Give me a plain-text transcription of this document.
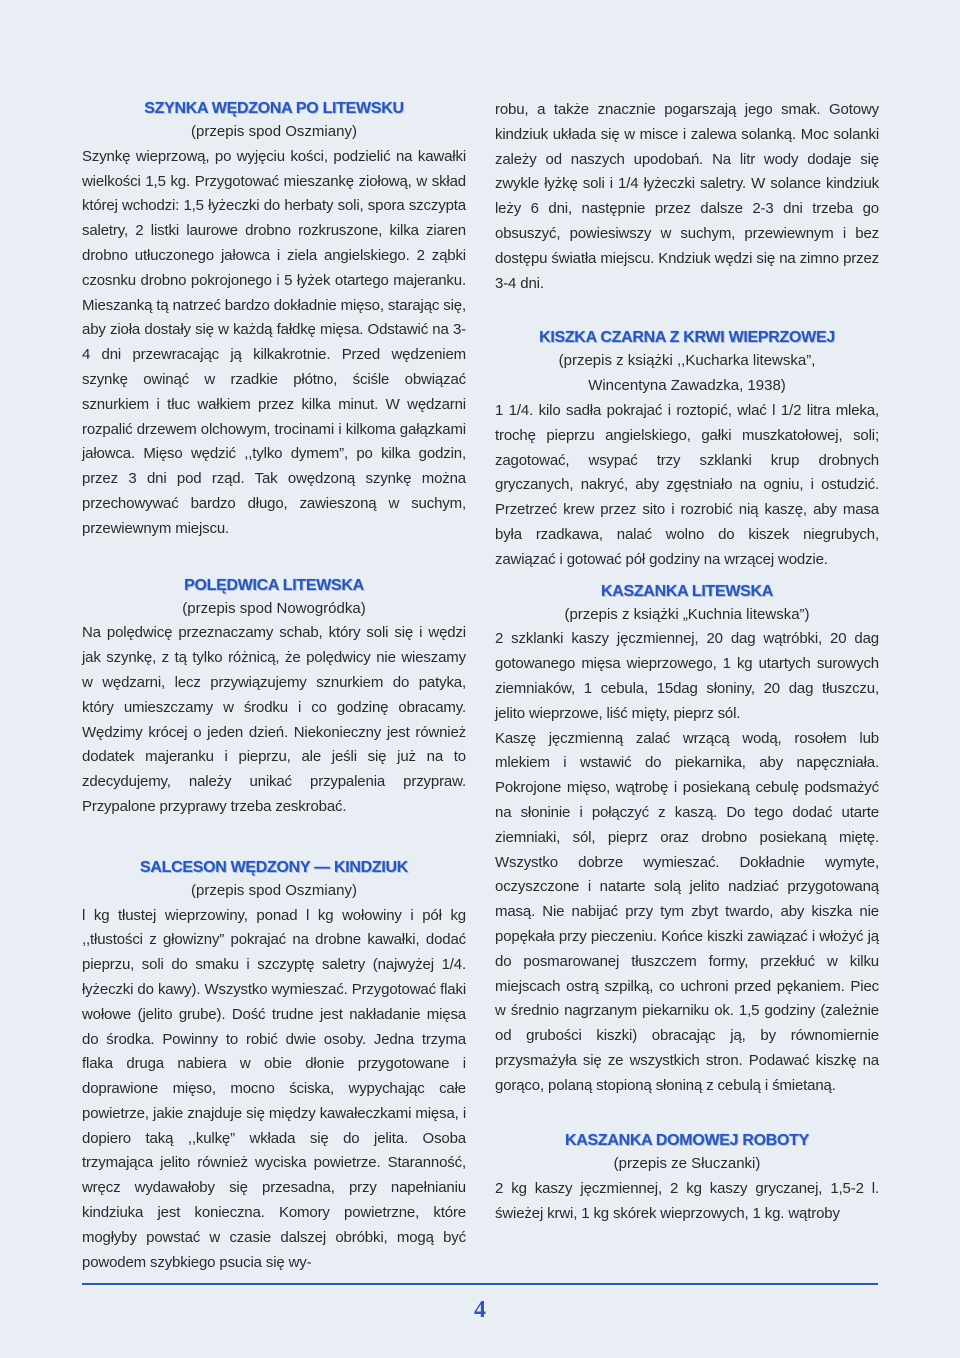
SZYNKA WĘDZONA PO LITEWSKU

(przepis spod Oszmiany)

Szynkę wieprzową, po wyjęciu kości, podzielić na kawałki wielkości 1,5 kg. Przygotować mieszankę ziołową, w skład której wchodzi: 1,5 łyżeczki do herbaty soli, spora szczypta saletry, 2 listki laurowe drobno rozkruszone, kilka ziaren drobno utłuczonego jałowca i ziela angielskiego. 2 ząbki czosnku drobno pokrojonego i 5 łyżek otartego majeranku. Mieszanką tą natrzeć bardzo dokładnie mięso, starając się, aby zioła dostały się w każdą fałdkę mięsa. Odstawić na 3-4 dni przewracając ją kilkakrotnie. Przed wędzeniem szynkę owinąć w rzadkie płótno, ściśle obwiązać sznurkiem i tłuc wałkiem przez kilka minut. W wędzarni rozpalić drzewem olchowym, trocinami i kilkoma gałązkami jałowca. Mięso wędzić ,,tylko dymem”, po kilka godzin, przez 3 dni pod rząd. Tak owędzoną szynkę można przechowywać bardzo długo, zawieszoną w suchym, przewiewnym miejscu.

POLĘDWICA LITEWSKA

(przepis spod Nowogródka)

Na polędwicę przeznaczamy schab, który soli się i wędzi jak szynkę, z tą tylko różnicą, że polędwicy nie wieszamy w wędzarni, lecz przywiązujemy sznurkiem do patyka, który umieszczamy w środku i co godzinę obracamy. Wędzimy krócej o jeden dzień. Niekonieczny jest również dodatek majeranku i pieprzu, ale jeśli się już na to zdecydujemy, należy unikać przypalenia przypraw. Przypalone przyprawy trzeba zeskrobać.

SALCESON WĘDZONY — KINDZIUK

(przepis spod Oszmiany)

l kg tłustej wieprzowiny, ponad l kg wołowiny i pół kg ,,tłustości z głowizny” pokrajać na drobne kawałki, dodać pieprzu, soli do smaku i szczyptę saletry (najwyżej 1/4. łyżeczki do kawy). Wszystko wymieszać. Przygotować flaki wołowe (jelito grube). Dość trudne jest nakładanie mięsa do środka. Powinny to robić dwie osoby. Jedna trzyma flaka druga nabiera w obie dłonie przygotowane i doprawione mięso, mocno ściska, wypychając całe powietrze, jakie znajduje się między kawałeczkami mięsa, i dopiero taką ,,kulkę” wkłada się do jelita. Osoba trzymająca jelito również wyciska powietrze. Staranność, wręcz wydawałoby się przesadna, przy napełnianiu kindziuka jest konieczna. Komory powietrzne, które mogłyby powstać w czasie dalszej obróbki, mogą być powodem szybkiego psucia się wy-

robu, a także znacznie pogarszają jego smak. Gotowy kindziuk układa się w misce i zalewa solanką. Moc solanki zależy od naszych upodobań. Na litr wody dodaje się zwykle łyżkę soli i 1/4 łyżeczki saletry. W solance kindziuk leży 6 dni, następnie przez dalsze 2-3 dni trzeba go obsuszyć, powiesiwszy w suchym, przewiewnym i bez dostępu światła miejscu. Kndziuk wędzi się na zimno przez 3-4 dni.

KISZKA CZARNA Z KRWI WIEPRZOWEJ

(przepis z książki ,,Kucharka litewska”,

Wincentyna Zawadzka, 1938)

1 1/4. kilo sadła pokrajać i roztopić, wlać l 1/2 litra mleka, trochę pieprzu angielskiego, gałki muszkatołowej, soli; zagotować, wsypać trzy szklanki krup drobnych gryczanych, nakryć, aby zgęstniało na ogniu, i ostudzić. Przetrzeć krew przez sito i rozrobić nią kaszę, aby masa była rzadkawa, nalać wolno do kiszek niegrubych, zawiązać i gotować pół godziny na wrzącej wodzie.

KASZANKA LITEWSKA

(przepis z książki „Kuchnia litewska”)

2 szklanki kaszy jęczmiennej, 20 dag wątróbki, 20 dag gotowanego mięsa wieprzowego, 1 kg utartych surowych ziemniaków, 1 cebula, 15dag słoniny, 20 dag tłuszczu, jelito wieprzowe, liść mięty, pieprz sól.

Kaszę jęczmienną zalać wrzącą wodą, rosołem lub mlekiem i wstawić do piekarnika, aby napęczniała. Pokrojone mięso, wątrobę i posiekaną cebulę podsmażyć na słoninie i połączyć z kaszą. Do tego dodać utarte ziemniaki, sól, pieprz oraz drobno posiekaną miętę. Wszystko dobrze wymieszać. Dokładnie wymyte, oczyszczone i natarte solą jelito nadziać przygotowaną masą. Nie nabijać przy tym zbyt twardo, aby kiszka nie popękała przy pieczeniu. Końce kiszki zawiązać i włożyć ją do posmarowanej tłuszczem formy, przekłuć w kilku miejscach ostrą szpilką, co uchroni przed pękaniem. Piec w średnio nagrzanym piekarniku ok. 1,5 godziny (zależnie od grubości kiszki) obracając ją, by równomiernie przysmażyła się ze wszystkich stron. Podawać kiszkę na gorąco, polaną stopioną słoniną z cebulą i śmietaną.

KASZANKA DOMOWEJ ROBOTY

(przepis ze Słuczanki)

2 kg kaszy jęczmiennej, 2 kg kaszy gryczanej, 1,5-2 l. świeżej krwi, 1 kg skórek wieprzowych, 1 kg. wątroby

4
